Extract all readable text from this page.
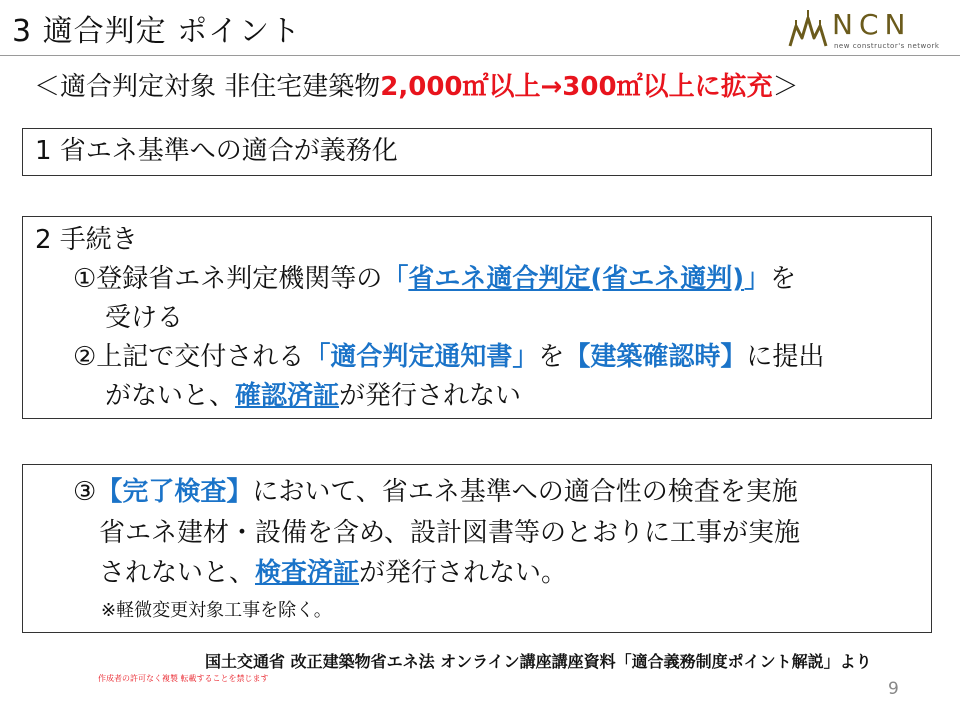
3 適合判定 ポイント	NCN
new constructor's network
＜適合判定対象 非住宅建築物2,000㎡以上→300㎡以上に拡充＞
1 省エネ基準への適合が義務化
2 手続き
①登録省エネ判定機関等の「省エネ適合判定(省エネ適判)」を
受ける
②上記で交付される「適合判定通知書」を【建築確認時】に提出
がないと、確認済証が発行されない
③【完了検査】において、省エネ基準への適合性の検査を実施
省エネ建材・設備を含め、設計図書等のとおりに工事が実施
されないと、検査済証が発行されない。
※軽微変更対象工事を除く。
国土交通省 改正建築物省エネ法 オンライン講座講座資料「適合義務制度ポイント解説」より
作成者の許可なく複製 転載することを禁じます
9
